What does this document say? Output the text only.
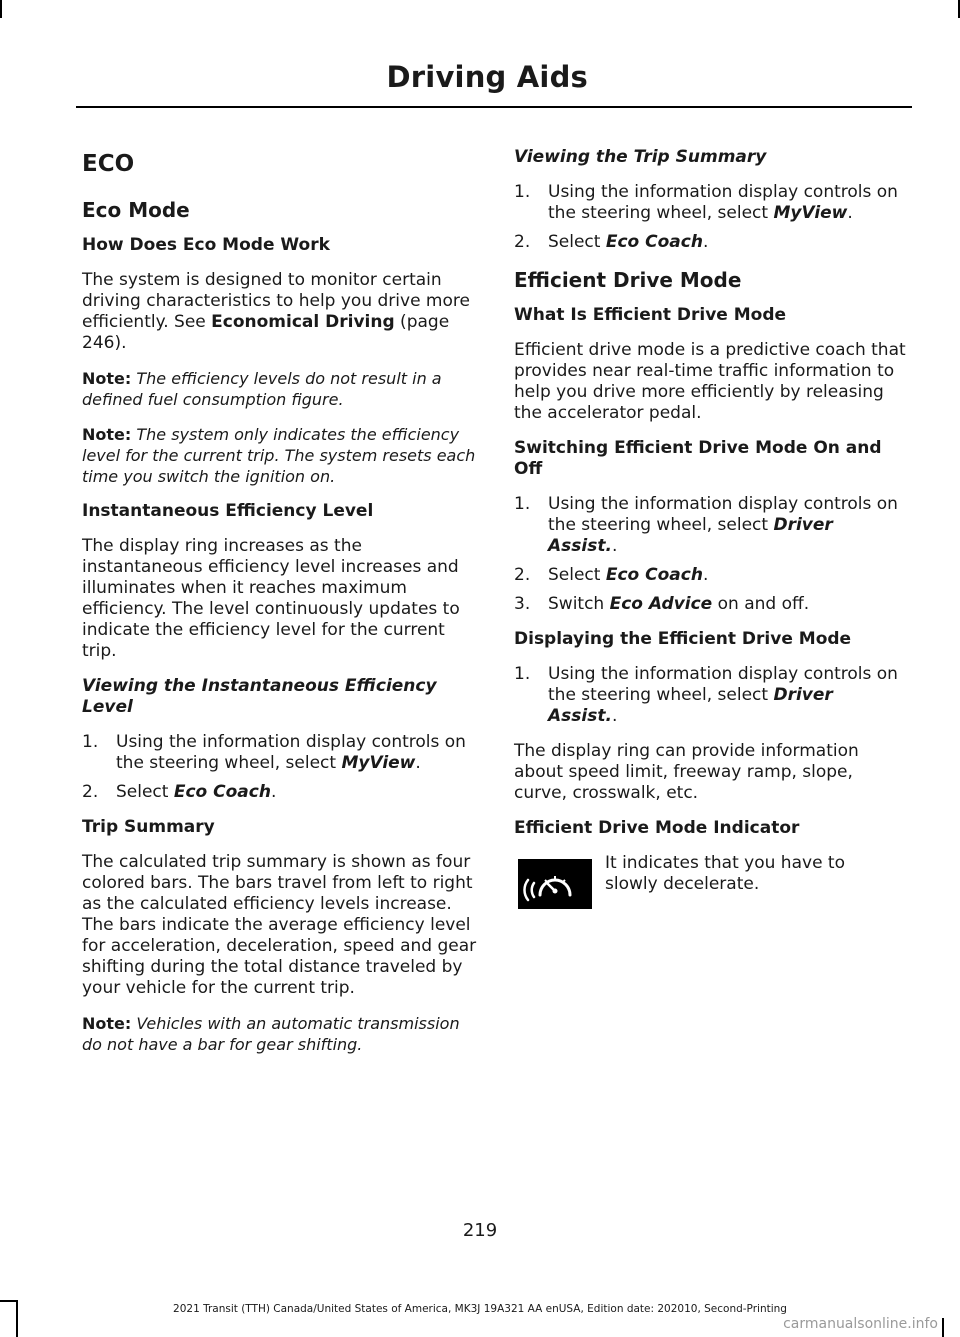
Driving Aids
ECO
Eco Mode
How Does Eco Mode Work

The system is designed to monitor certain driving characteristics to help you drive more efficiently. See Economical Driving (page 246).

Note: The efficiency levels do not result in a defined fuel consumption figure.

Note: The system only indicates the efficiency level for the current trip. The system resets each time you switch the ignition on.

Instantaneous Efficiency Level

The display ring increases as the instantaneous efficiency level increases and illuminates when it reaches maximum efficiency. The level continuously updates to indicate the efficiency level for the current trip.

Viewing the Instantaneous Efficiency Level
1. Using the information display controls on the steering wheel, select MyView.
2. Select Eco Coach.
Trip Summary

The calculated trip summary is shown as four colored bars. The bars travel from left to right as the calculated efficiency levels increase. The bars indicate the average efficiency level for acceleration, deceleration, speed and gear shifting during the total distance traveled by your vehicle for the current trip.

Note: Vehicles with an automatic transmission do not have a bar for gear shifting.

Viewing the Trip Summary
1. Using the information display controls on the steering wheel, select MyView.
2. Select Eco Coach.
Efficient Drive Mode
What Is Efficient Drive Mode

Efficient drive mode is a predictive coach that provides near real-time traffic information to help you drive more efficiently by releasing the accelerator pedal.

Switching Efficient Drive Mode On and Off
1. Using the information display controls on the steering wheel, select Driver Assist..
2. Select Eco Coach.
3. Switch Eco Advice on and off.
Displaying the Efficient Drive Mode
1. Using the information display controls on the steering wheel, select Driver Assist..

The display ring can provide information about speed limit, freeway ramp, slope, curve, crosswalk, etc.

Efficient Drive Mode Indicator
It indicates that you have to slowly decelerate.
219
2021 Transit (TTH) Canada/United States of America, MK3J 19A321 AA enUSA, Edition date: 202010, Second-Printing
carmanualsonline.info
